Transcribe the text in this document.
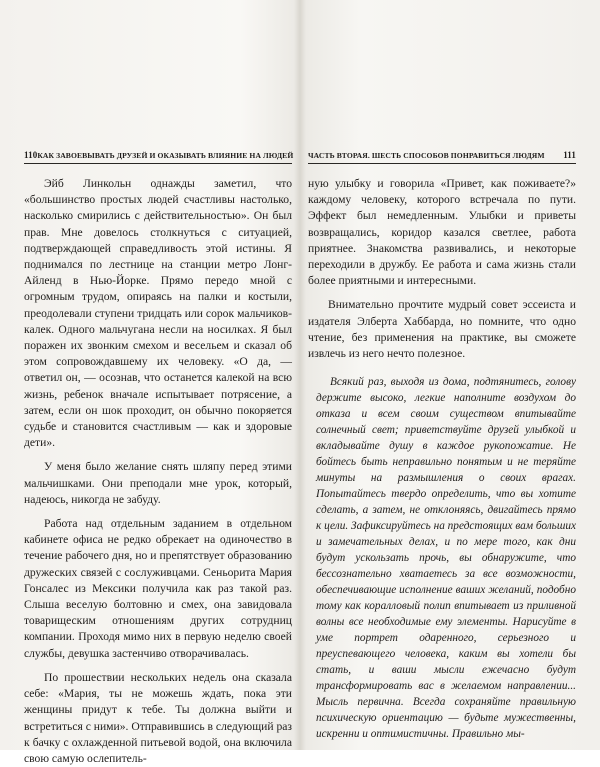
110 КАК ЗАВОЕВЫВАТЬ ДРУЗЕЙ И ОКАЗЫВАТЬ ВЛИЯНИЕ НА ЛЮДЕЙ

Эйб Линкольн однажды заметил, что «большинство простых людей счастливы настолько, насколько смирились с действительностью». Он был прав. Мне довелось столкнуться с ситуацией, подтверждающей справедливость этой истины. Я поднимался по лестнице на станции метро Лонг-Айленд в Нью-Йорке. Прямо передо мной с огромным трудом, опираясь на палки и костыли, преодолевали ступени тридцать или сорок мальчиков-калек. Одного мальчугана несли на носилках. Я был поражен их звонким смехом и весельем и сказал об этом сопровождавшему их человеку. «О да, — ответил он, — осознав, что останется калекой на всю жизнь, ребенок вначале испытывает потрясение, а затем, если он шок проходит, он обычно покоряется судьбе и становится счастливым — как и здоровые дети».

У меня было желание снять шляпу перед этими мальчишками. Они преподали мне урок, который, надеюсь, никогда не забуду.

Работа над отдельным заданием в отдельном кабинете офиса не редко обрекает на одиночество в течение рабочего дня, но и препятствует образованию дружеских связей с сослуживцами. Сеньорита Мария Гонсалес из Мексики получила как раз такой раз. Слыша веселую болтовню и смех, она завидовала товарищеским отношениям других сотрудниц компании. Проходя мимо них в первую неделю своей службы, девушка застенчиво отворачивалась.

По прошествии нескольких недель она сказала себе: «Мария, ты не можешь ждать, пока эти женщины придут к тебе. Ты должна выйти и встретиться с ними». Отправившись в следующий раз к бачку с охлажденной питьевой водой, она включила свою самую ослепитель-

ЧАСТЬ ВТОРАЯ. ШЕСТЬ СПОСОБОВ ПОНРАВИТЬСЯ ЛЮДЯМ 111

ную улыбку и говорила «Привет, как поживаете?» каждому человеку, которого встречала по пути. Эффект был немедленным. Улыбки и приветы возвращались, коридор казался светлее, работа приятнее. Знакомства развивались, и некоторые переходили в дружбу. Ее работа и сама жизнь стали более приятными и интересными.

Внимательно прочтите мудрый совет эссеиста и издателя Элберта Хаббарда, но помните, что одно чтение, без применения на практике, вы сможете извлечь из него нечто полезное.

Всякий раз, выходя из дома, подтянитесь, голову держите высоко, легкие наполните воздухом до отказа и всем своим существом впитывайте солнечный свет; приветствуйте друзей улыбкой и вкладывайте душу в каждое рукопожатие. Не бойтесь быть неправильно понятым и не теряйте минуты на размышления о своих врагах. Попытайтесь твердо определить, что вы хотите сделать, а затем, не отклоняясь, двигайтесь прямо к цели. Зафиксируйтесь на предстоящих вам больших и замечательных делах, и по мере того, как дни будут ускользать прочь, вы обнаружите, что бессознательно хватаетесь за все возможности, обеспечивающие исполнение ваших желаний, подобно тому как коралловый полип впитывает из приливной волны все необходимые ему элементы. Нарисуйте в уме портрет одаренного, серьезного и преуспевающего человека, каким вы хотели бы стать, и ваши мысли ежечасно будут трансформировать вас в желаемом направлении... Мысль первична. Всегда сохраняйте правильную психическую ориентацию — будьте мужественны, искренни и оптимистичны. Правильно мы-
